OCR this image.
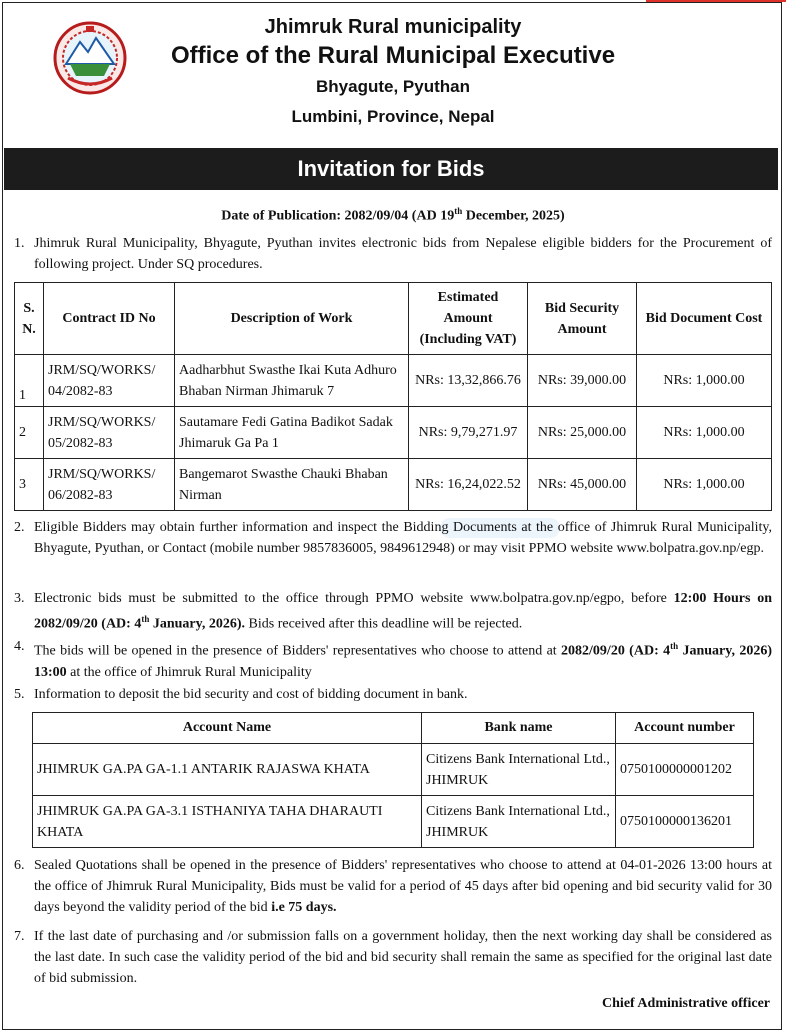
Jhimruk Rural municipality
Office of the Rural Municipal Executive
Bhyagute, Pyuthan
Lumbini, Province, Nepal
Invitation for Bids
Date of Publication: 2082/09/04 (AD 19th December, 2025)
1. Jhimruk Rural Municipality, Bhyagute, Pyuthan invites electronic bids from Nepalese eligible bidders for the Procurement of following project. Under SQ procedures.
S. N.	Contract ID No	Description of Work	Estimated Amount (Including VAT)	Bid Security Amount	Bid Document Cost
1	JRM/SQ/WORKS/ 04/2082-83	Aadharbhut Swasthe Ikai Kuta Adhuro Bhaban Nirman Jhimaruk 7	NRs: 13,32,866.76	NRs: 39,000.00	NRs: 1,000.00
2	JRM/SQ/WORKS/ 05/2082-83	Sautamare Fedi Gatina Badikot Sadak Jhimaruk Ga Pa 1	NRs: 9,79,271.97	NRs: 25,000.00	NRs: 1,000.00
3	JRM/SQ/WORKS/ 06/2082-83	Bangemarot Swasthe Chauki Bhaban Nirman	NRs: 16,24,022.52	NRs: 45,000.00	NRs: 1,000.00
2. Eligible Bidders may obtain further information and inspect the Bidding Documents at the office of Jhimruk Rural Municipality, Bhyagute, Pyuthan, or Contact (mobile number 9857836005, 9849612948) or may visit PPMO website www.bolpatra.gov.np/egp.
3. Electronic bids must be submitted to the office through PPMO website www.bolpatra.gov.np/egpo, before 12:00 Hours on 2082/09/20 (AD: 4th January, 2026). Bids received after this deadline will be rejected.
4. The bids will be opened in the presence of Bidders' representatives who choose to attend at 2082/09/20 (AD: 4th January, 2026) 13:00 at the office of Jhimruk Rural Municipality
5. Information to deposit the bid security and cost of bidding document in bank.
Account Name	Bank name	Account number
JHIMRUK GA.PA GA-1.1 ANTARIK RAJASWA KHATA	Citizens Bank International Ltd., JHIMRUK	0750100000001202
JHIMRUK GA.PA GA-3.1 ISTHANIYA TAHA DHARAUTI KHATA	Citizens Bank International Ltd., JHIMRUK	0750100000136201
6. Sealed Quotations shall be opened in the presence of Bidders' representatives who choose to attend at 04-01-2026 13:00 hours at the office of Jhimruk Rural Municipality, Bids must be valid for a period of 45 days after bid opening and bid security valid for 30 days beyond the validity period of the bid i.e 75 days.
7. If the last date of purchasing and /or submission falls on a government holiday, then the next working day shall be considered as the last date. In such case the validity period of the bid and bid security shall remain the same as specified for the original last date of bid submission.
Chief Administrative officer
